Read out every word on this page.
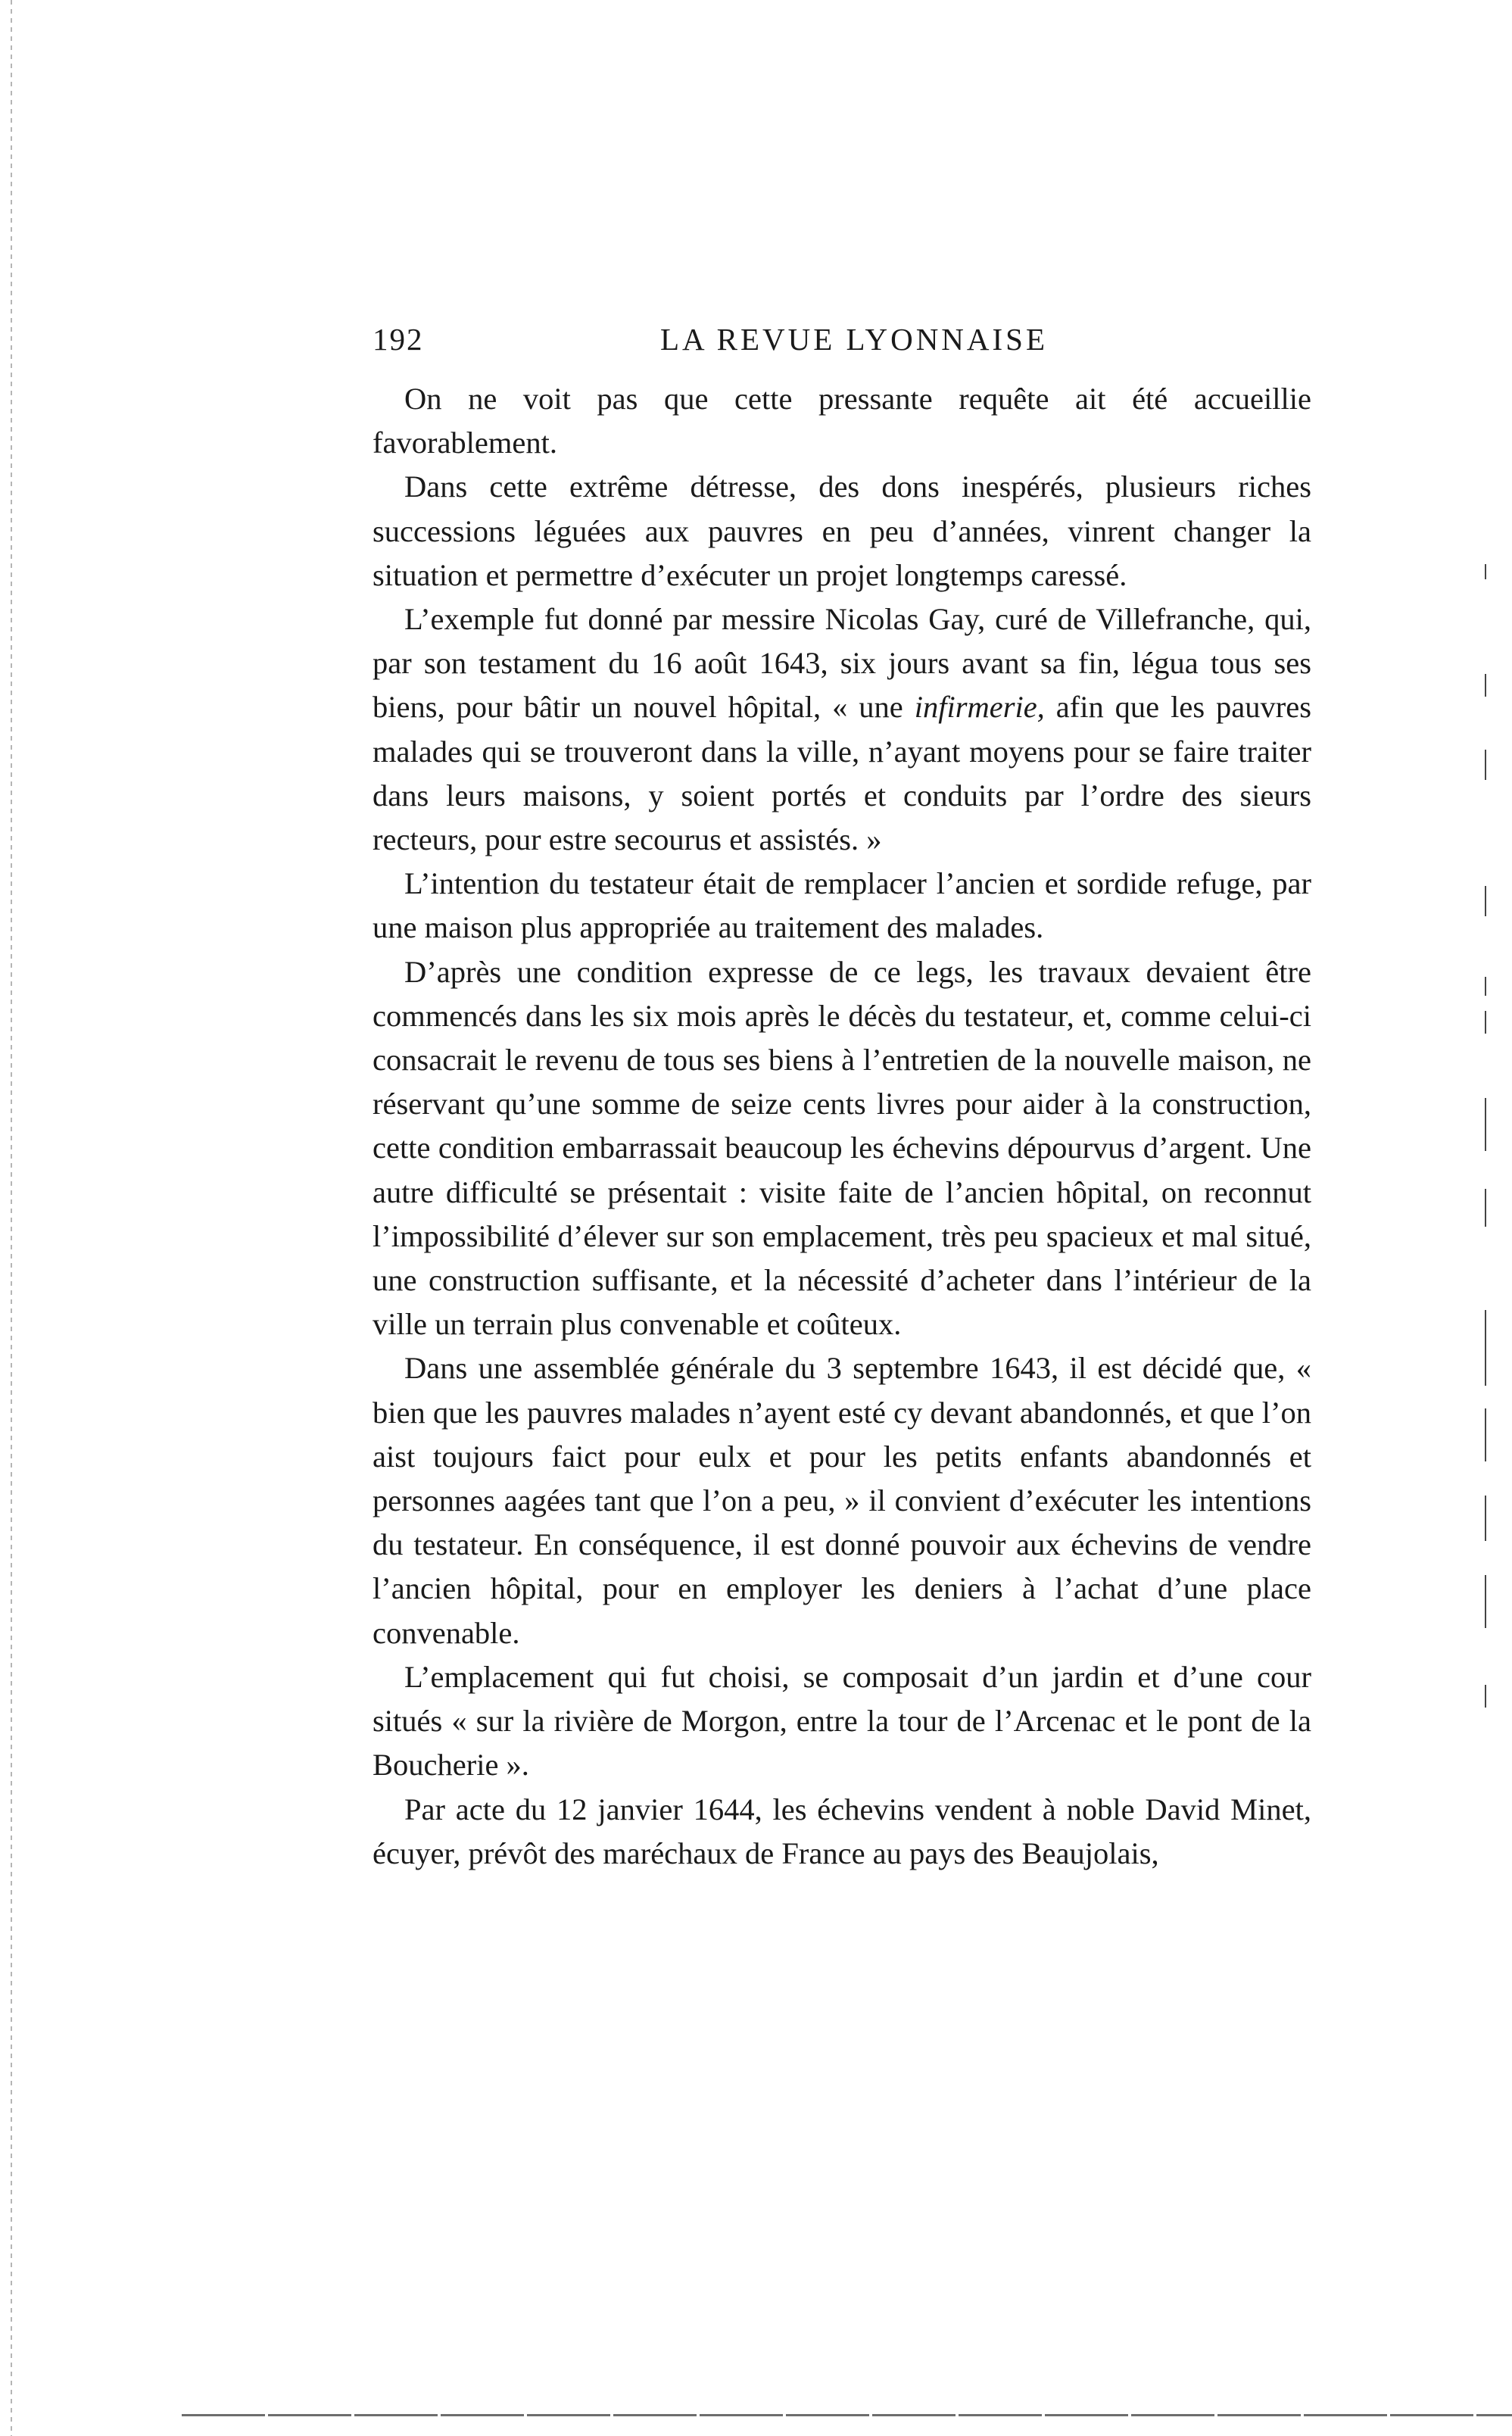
192	LA REVUE LYONNAISE

On ne voit pas que cette pressante requête ait été accueillie favorablement.

Dans cette extrême détresse, des dons inespérés, plusieurs riches successions léguées aux pauvres en peu d’années, vinrent changer la situation et permettre d’exécuter un projet longtemps caressé.

L’exemple fut donné par messire Nicolas Gay, curé de Villefranche, qui, par son testament du 16 août 1643, six jours avant sa fin, légua tous ses biens, pour bâtir un nouvel hôpital, « une infirmerie, afin que les pauvres malades qui se trouveront dans la ville, n’ayant moyens pour se faire traiter dans leurs maisons, y soient portés et conduits par l’ordre des sieurs recteurs, pour estre secourus et assistés. »

L’intention du testateur était de remplacer l’ancien et sordide refuge, par une maison plus appropriée au traitement des malades.

D’après une condition expresse de ce legs, les travaux devaient être commencés dans les six mois après le décès du testateur, et, comme celui-ci consacrait le revenu de tous ses biens à l’entretien de la nouvelle maison, ne réservant qu’une somme de seize cents livres pour aider à la construction, cette condition embarrassait beaucoup les échevins dépourvus d’argent. Une autre difficulté se présentait : visite faite de l’ancien hôpital, on reconnut l’impossibilité d’élever sur son emplacement, très peu spacieux et mal situé, une construction suffisante, et la nécessité d’acheter dans l’intérieur de la ville un terrain plus convenable et coûteux.

Dans une assemblée générale du 3 septembre 1643, il est décidé que, « bien que les pauvres malades n’ayent esté cy devant abandonnés, et que l’on aist toujours faict pour eulx et pour les petits enfants abandonnés et personnes aagées tant que l’on a peu, » il convient d’exécuter les intentions du testateur. En conséquence, il est donné pouvoir aux échevins de vendre l’ancien hôpital, pour en employer les deniers à l’achat d’une place convenable.

L’emplacement qui fut choisi, se composait d’un jardin et d’une cour situés « sur la rivière de Morgon, entre la tour de l’Arcenac et le pont de la Boucherie ».

Par acte du 12 janvier 1644, les échevins vendent à noble David Minet, écuyer, prévôt des maréchaux de France au pays des Beaujolais,
